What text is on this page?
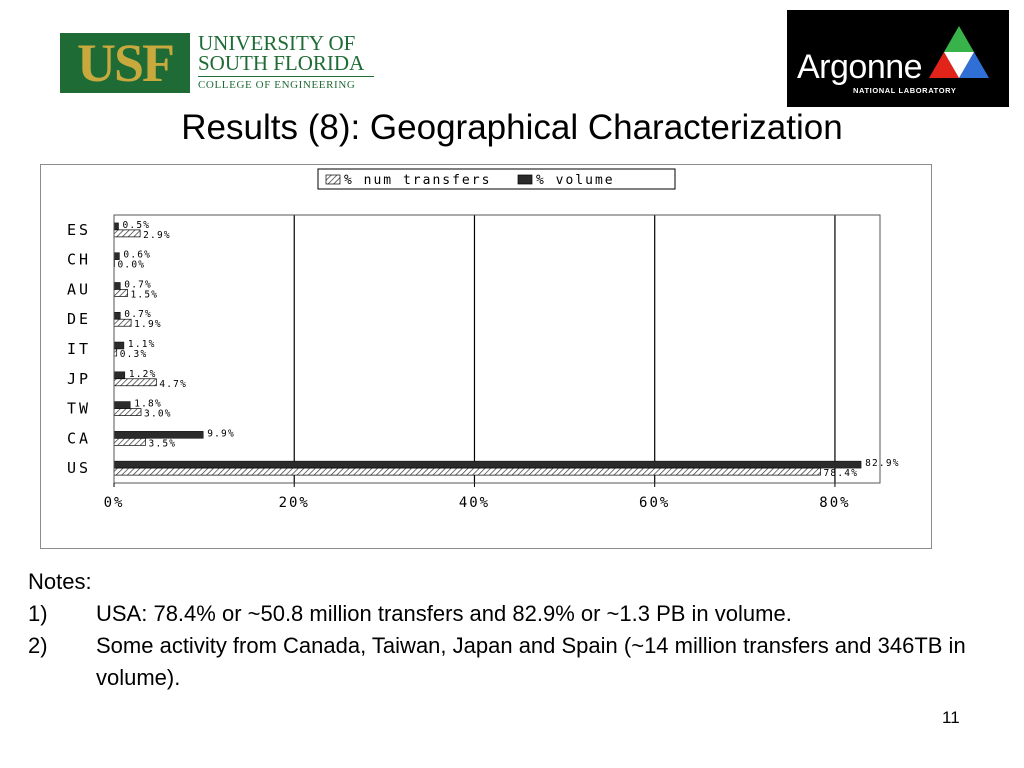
USF	UNIVERSITY OF
SOUTH FLORIDA
COLLEGE OF ENGINEERING	Argonne
NATIONAL LABORATORY
Results (8): Geographical Characterization
US	82.9%
78.4%
CA	9.9%
3.5%
TW	1.8%
3.0%
JP	1.2%
4.7%
IT	1.1%
0.3%
DE	0.7%
1.9%
AU	0.7%
1.5%
CH	0.6%
0.0%
ES	0.5%
2.9%
0%	20%	40%	60%	80%
% num transfers	% volume
Notes:
1) USA: 78.4% or ~50.8 million transfers and 82.9% or ~1.3 PB in volume.
2) Some activity from Canada, Taiwan, Japan and Spain (~14 million transfers and 346TB in volume).
11
